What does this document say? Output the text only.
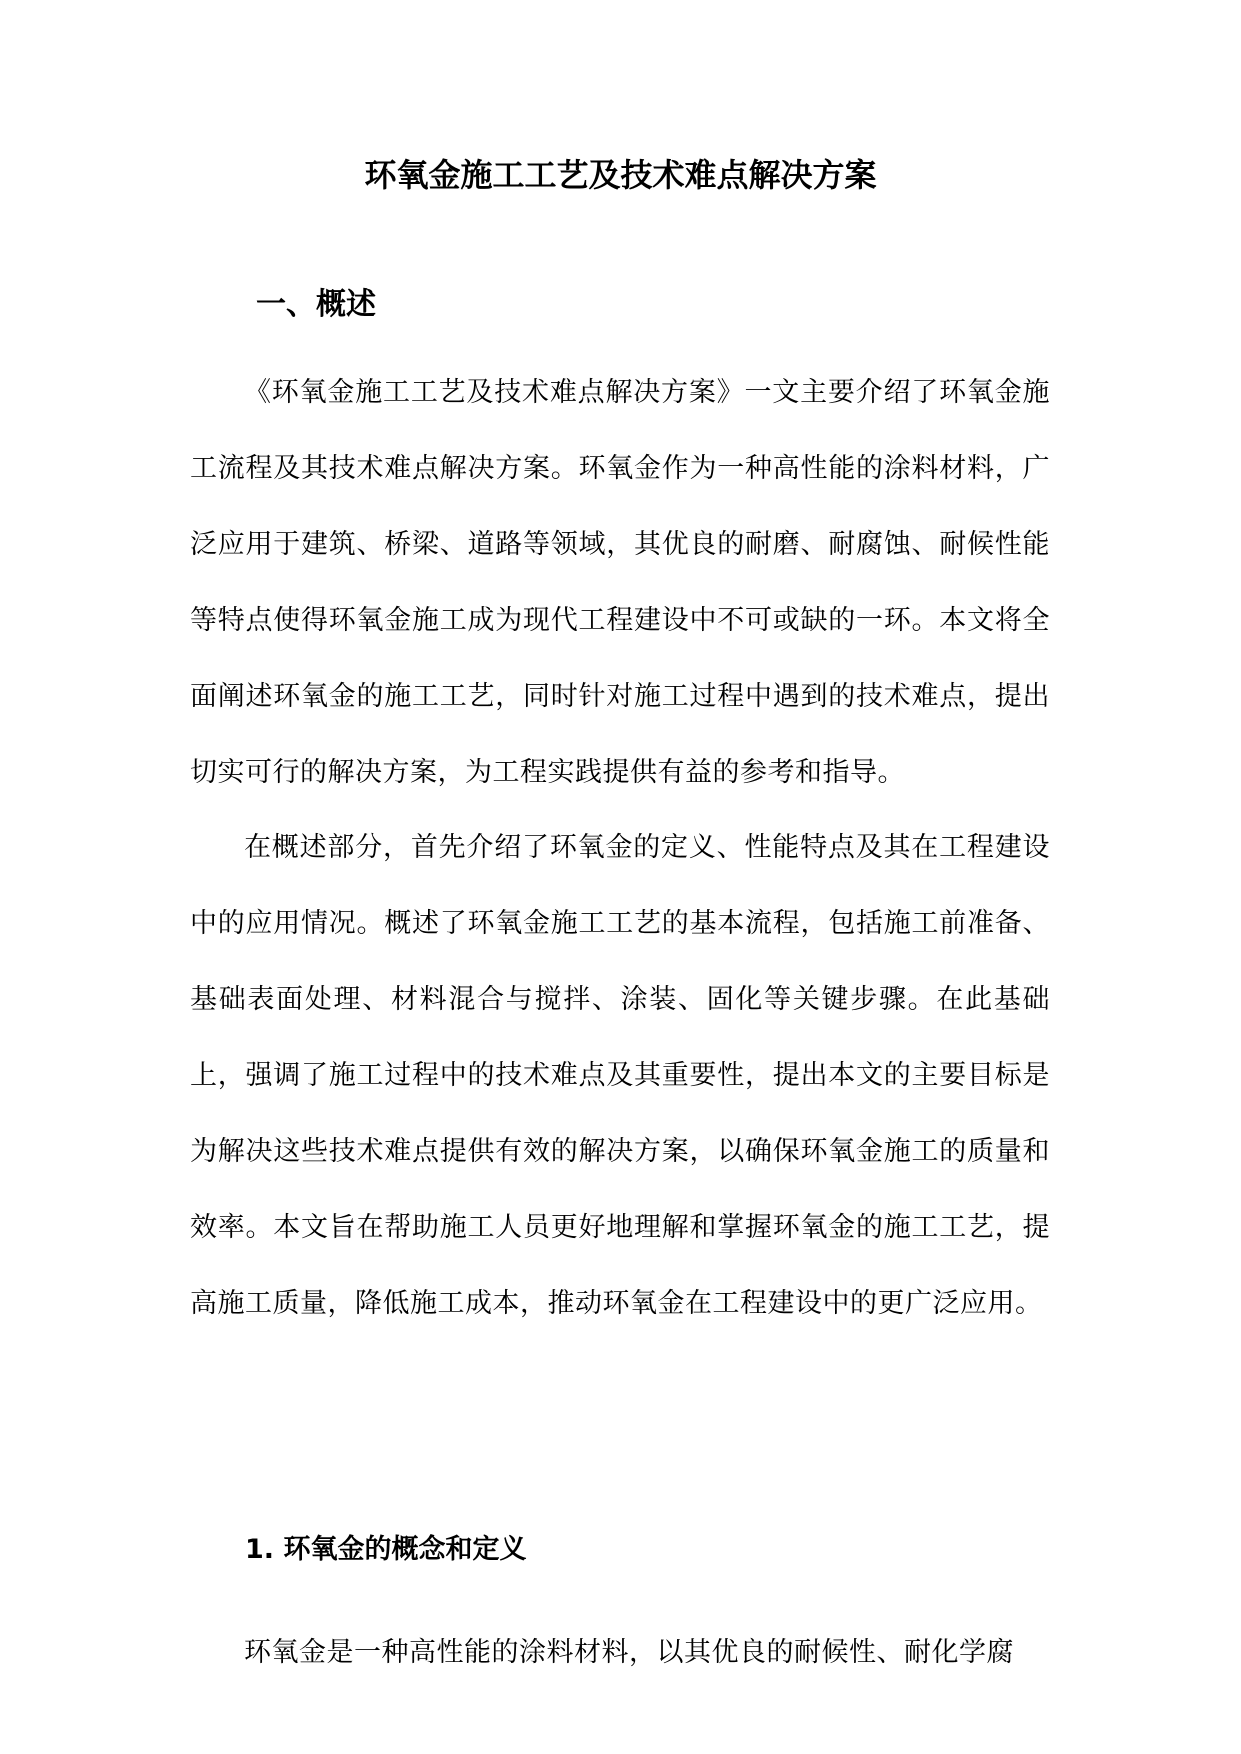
环氧金施工工艺及技术难点解决方案
一、概述

《环氧金施工工艺及技术难点解决方案》一文主要介绍了环氧金施工流程及其技术难点解决方案。环氧金作为一种高性能的涂料材料，广泛应用于建筑、桥梁、道路等领域，其优良的耐磨、耐腐蚀、耐候性能等特点使得环氧金施工成为现代工程建设中不可或缺的一环。本文将全面阐述环氧金的施工工艺，同时针对施工过程中遇到的技术难点，提出切实可行的解决方案，为工程实践提供有益的参考和指导。

在概述部分，首先介绍了环氧金的定义、性能特点及其在工程建设中的应用情况。概述了环氧金施工工艺的基本流程，包括施工前准备、基础表面处理、材料混合与搅拌、涂装、固化等关键步骤。在此基础上，强调了施工过程中的技术难点及其重要性，提出本文的主要目标是为解决这些技术难点提供有效的解决方案，以确保环氧金施工的质量和效率。本文旨在帮助施工人员更好地理解和掌握环氧金的施工工艺，提高施工质量，降低施工成本，推动环氧金在工程建设中的更广泛应用。

1. 环氧金的概念和定义

环氧金是一种高性能的涂料材料，以其优良的耐候性、耐化学腐
